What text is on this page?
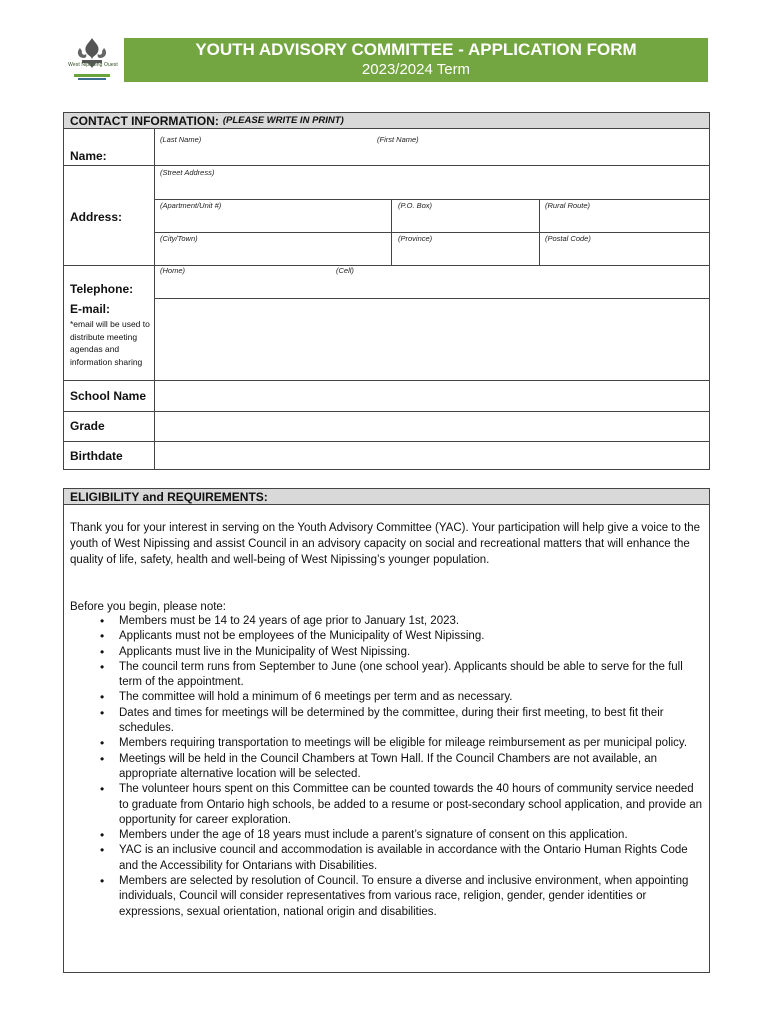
West Nipissing Ouest
YOUTH ADVISORY COMMITTEE - APPLICATION FORM
2023/2024 Term
CONTACT INFORMATION: (PLEASE WRITE IN PRINT)
Name:
(Last Name)	(First Name)
Address:
(Street Address)
(Apartment/Unit #)	(P.O. Box)	(Rural Route)
(City/Town)	(Province)	(Postal Code)
Telephone:
(Home)	(Cell)
E-mail:
*email will be used to distribute meeting agendas and information sharing
School Name
Grade
Birthdate
ELIGIBILITY and REQUIREMENTS:
Thank you for your interest in serving on the Youth Advisory Committee (YAC). Your participation will help give a voice to the youth of West Nipissing and assist Council in an advisory capacity on social and recreational matters that will enhance the quality of life, safety, health and well-being of West Nipissing’s younger population.
Before you begin, please note:
• Members must be 14 to 24 years of age prior to January 1st, 2023.
• Applicants must not be employees of the Municipality of West Nipissing.
• Applicants must live in the Municipality of West Nipissing.
• The council term runs from September to June (one school year). Applicants should be able to serve for the full term of the appointment.
• The committee will hold a minimum of 6 meetings per term and as necessary.
• Dates and times for meetings will be determined by the committee, during their first meeting, to best fit their schedules.
• Members requiring transportation to meetings will be eligible for mileage reimbursement as per municipal policy.
• Meetings will be held in the Council Chambers at Town Hall. If the Council Chambers are not available, an appropriate alternative location will be selected.
• The volunteer hours spent on this Committee can be counted towards the 40 hours of community service needed to graduate from Ontario high schools, be added to a resume or post-secondary school application, and provide an opportunity for career exploration.
• Members under the age of 18 years must include a parent’s signature of consent on this application.
• YAC is an inclusive council and accommodation is available in accordance with the Ontario Human Rights Code and the Accessibility for Ontarians with Disabilities.
• Members are selected by resolution of Council. To ensure a diverse and inclusive environment, when appointing individuals, Council will consider representatives from various race, religion, gender, gender identities or expressions, sexual orientation, national origin and disabilities.
